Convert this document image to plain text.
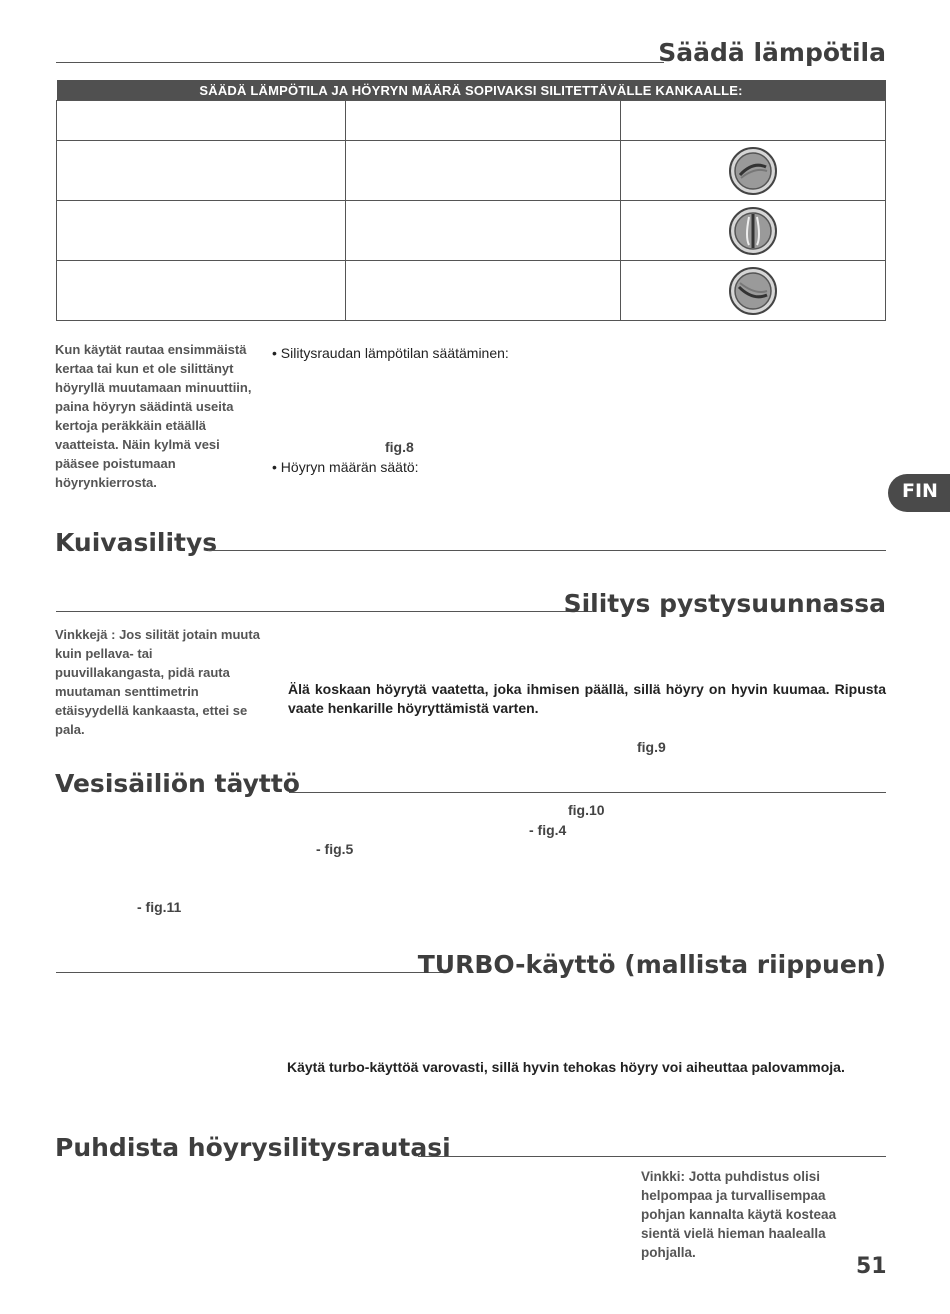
Säädä lämpötila
SÄÄDÄ LÄMPÖTILA JA HÖYRYN MÄÄRÄ SOPIVAKSI SILITETTÄVÄLLE KANKAALLE:		

Kun käytät rautaa ensimmäistä kertaa tai kun et ole silittänyt höyryllä muutamaan minuuttiin, paina höyryn säädintä useita kertoja peräkkäin etäällä vaatteista. Näin kylmä vesi pääsee poistumaan höyrynkierrosta.
• Silitysraudan lämpötilan säätäminen:
fig.8
• Höyryn määrän säätö:
FIN
Kuivasilitys
Silitys pystysuunnassa
Vinkkejä : Jos silität jotain muuta kuin pellava- tai puuvillakangasta, pidä rauta muutaman senttimetrin etäisyydellä kankaasta, ettei se pala.
Älä koskaan höyrytä vaatetta, joka ihmisen päällä, sillä höyry on hyvin kuumaa. Ripusta vaate henkarille höyryttämistä varten.
fig.9
Vesisäiliön täyttö
fig.10
- fig.4
- fig.5
- fig.11
TURBO-käyttö (mallista riippuen)
Käytä turbo-käyttöä varovasti, sillä hyvin tehokas höyry voi aiheuttaa palovammoja.
Puhdista höyrysilitysrautasi
Vinkki: Jotta puhdistus olisi helpompaa ja turvallisempaa pohjan kannalta käytä kosteaa sientä vielä hieman haalealla pohjalla.
51
